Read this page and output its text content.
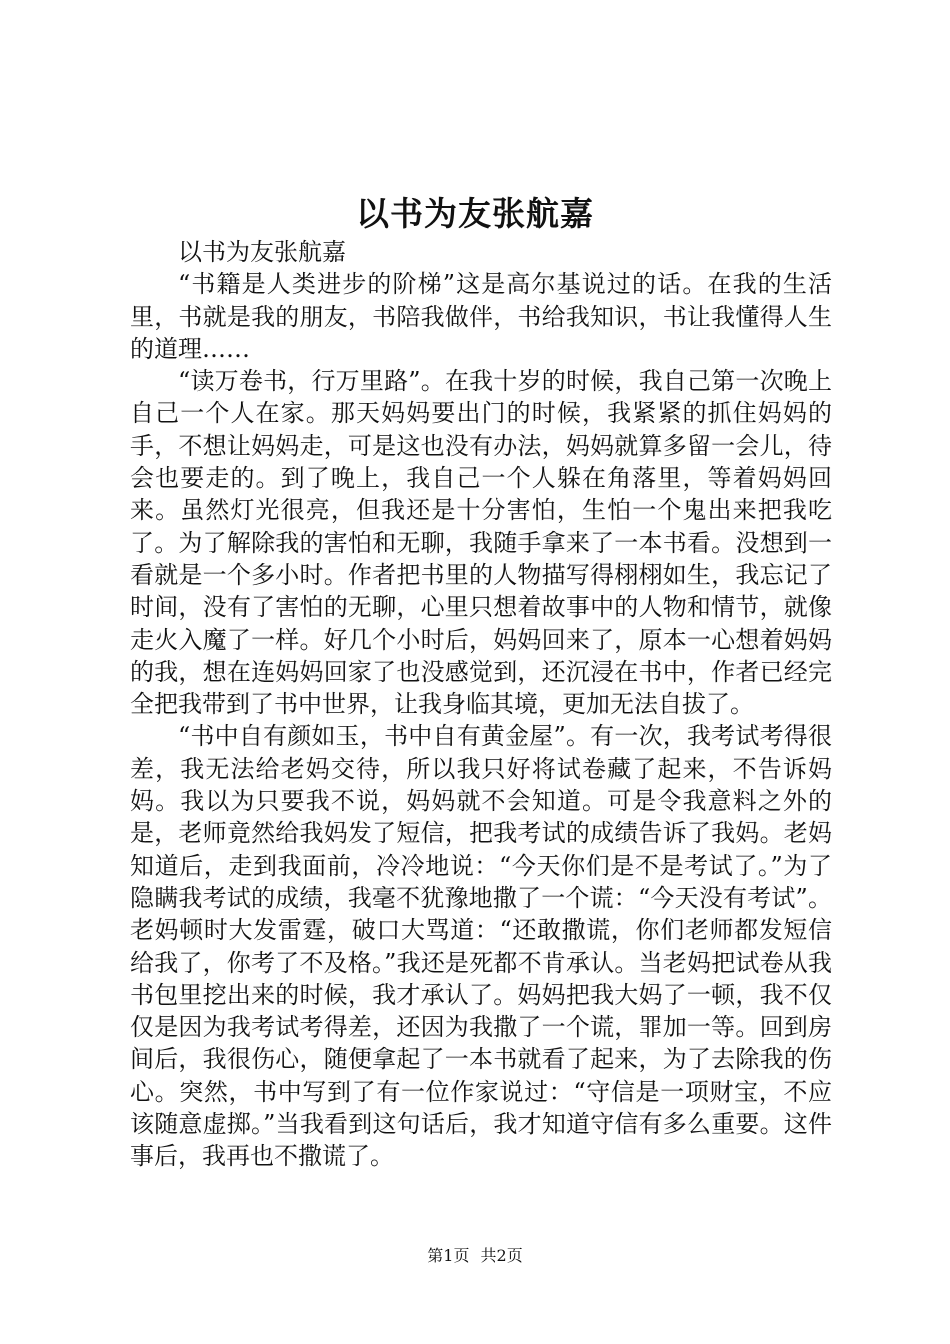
以书为友张航嘉

以书为友张航嘉

“书籍是人类进步的阶梯”这是高尔基说过的话。在我的生活里，书就是我的朋友，书陪我做伴，书给我知识，书让我懂得人生的道理……

“读万卷书，行万里路”。在我十岁的时候，我自己第一次晚上自己一个人在家。那天妈妈要出门的时候，我紧紧的抓住妈妈的手，不想让妈妈走，可是这也没有办法，妈妈就算多留一会儿，待会也要走的。到了晚上，我自己一个人躲在角落里，等着妈妈回来。虽然灯光很亮，但我还是十分害怕，生怕一个鬼出来把我吃了。为了解除我的害怕和无聊，我随手拿来了一本书看。没想到一看就是一个多小时。作者把书里的人物描写得栩栩如生，我忘记了时间，没有了害怕的无聊，心里只想着故事中的人物和情节，就像走火入魔了一样。好几个小时后，妈妈回来了，原本一心想着妈妈的我，想在连妈妈回家了也没感觉到，还沉浸在书中，作者已经完全把我带到了书中世界，让我身临其境，更加无法自拔了。

“书中自有颜如玉，书中自有黄金屋”。有一次，我考试考得很差，我无法给老妈交待，所以我只好将试卷藏了起来，不告诉妈妈。我以为只要我不说，妈妈就不会知道。可是令我意料之外的是，老师竟然给我妈发了短信，把我考试的成绩告诉了我妈。老妈知道后，走到我面前，冷冷地说：“今天你们是不是考试了。”为了隐瞒我考试的成绩，我毫不犹豫地撒了一个谎：“今天没有考试”。老妈顿时大发雷霆，破口大骂道：“还敢撒谎，你们老师都发短信给我了，你考了不及格。”我还是死都不肯承认。当老妈把试卷从我书包里挖出来的时候，我才承认了。妈妈把我大妈了一顿，我不仅仅是因为我考试考得差，还因为我撒了一个谎，罪加一等。回到房间后，我很伤心，随便拿起了一本书就看了起来，为了去除我的伤心。突然，书中写到了有一位作家说过：“守信是一项财宝，不应该随意虚掷。”当我看到这句话后，我才知道守信有多么重要。这件事后，我再也不撒谎了。

第1页 共2页
